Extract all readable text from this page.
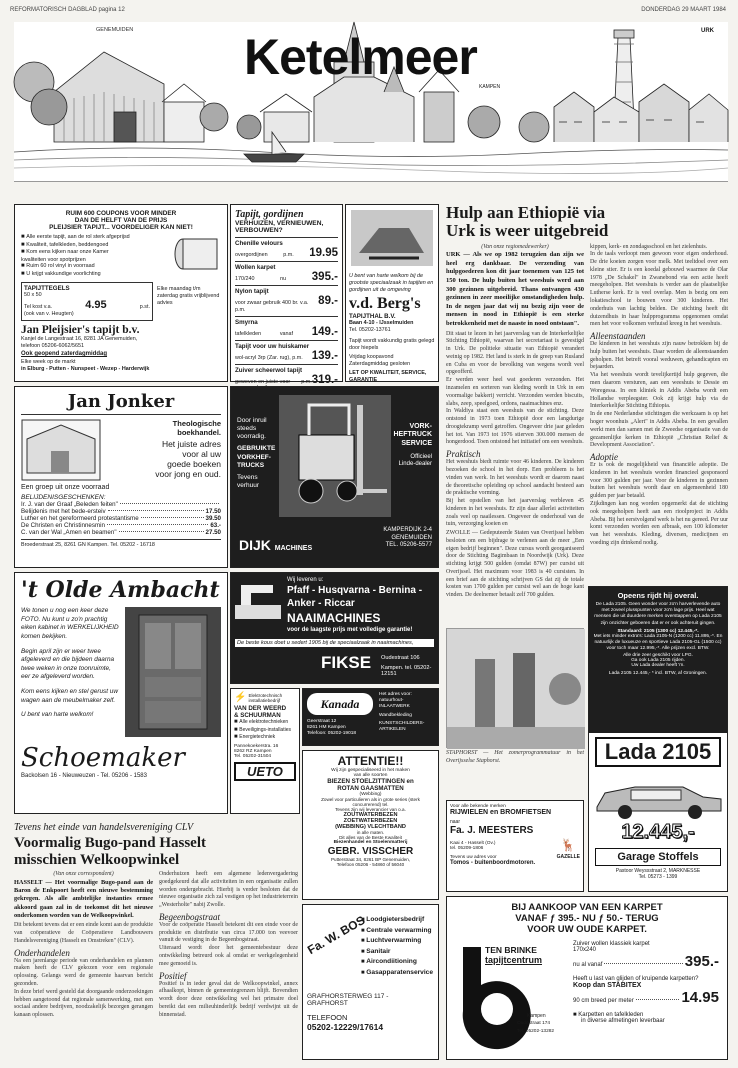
REFORMATORISCH DAGBLAD pagina 12	DONDERDAG 29 MAART 1984
Ketelmeer
GENEMUIDEN	URK
KAMPEN
RUIM 600 COUPONS VOOR MINDER
DAN DE HELFT VAN DE PRIJS
PLEIJSIER TAPIJT... VOORDELIGER KAN NIET!
■ Alle eerste tapijt, aan de rol sterk afgeprijsd
■ Kwaliteit, tafelkleden, beddengoed
■ Kom eens kijken naar onze Kamer
kwaliteiten voor spotprijzen
■ Ruim 60 rol vinyl in voorraad
■ U krijgt vakkundige voorlichting
TAPIJTTEGELS
50 x 50
Tel kost v.a.	4.95	p.st.
(ook van v. Heugten)
Elke maandag t/m zaterdag gratis vrijblijvend advies
Jan Pleijsier's tapijt b.v.
Kanjel de Langestraat 16, 8281 JA Genemuiden,
telefoon 05206-6062/5651
Ook geopend zaterdagmiddag
Elke week op de markt
in Elburg - Putten - Nunspeet - Wezep - Harderwijk
Tapijt, gordijnen
VERHUIZEN, VERNIEUWEN,
VERBOUWEN?
Chenille velours
overgordijnen	p.m. 19.95
Wollen karpet
170/240	nu 395.-
Nylon tapijt
voor zwaar gebruik 400 br. v.a. p.m.
89.-
Smyrna
tafelkleden	vanaf 149.-
Tapijt voor uw huiskamer
wol-acryl 3rp (Zar. rug), p.m. 139.-
Zuiver scheerwol tapijt
geweven en juiste voor	p.m. 319.-
U bent van harte welkom bij de grootste speciaalzaak in tapijten en gordijnen uit de omgeving
v.d. Berg's
TAPIJTHAL B.V.
Baan 4-10 - IJsselmuiden
Tel. 05202-13761
Tapijt wordt vakkundig gratis gelegd door hiepels
Vrijdag koopavond
Zaterdagmiddag gesloten
LET OP KWALITEIT, SERVICE, GARANTIE
Hulp aan Ethiopië via
Urk is weer uitgebreid
(Van onze regiomedewerker)
URK — Als we op 1982 terugzien dan zijn we heel erg dankbaar. De verzending van hulpgoederen kon dit jaar toenemen van 125 tot 150 ton. De hulp buiten het weeshuis werd aan 300 gezinnen uitgebreid. Thans ontvangen 430 gezinnen in zeer moeilijke omstandigheden hulp. In de negen jaar dat wij nu bezig zijn voor de mensen in nood in Ethiopië is een sterke betrokkenheid met de naaste in nood ontstaan".
Dit staat te lezen in het jaarverslag van de Interkerkelijke Stichting Ethiopië, waarvan het secretariaat is gevestigd in Urk. De politieke situatie van Ethiopië verandert weinig op 1982. Het land is sterk in de greep van Rusland en Cuba en voor de bevolking van wegens wordt veel opgeofferd.
Er werden weer heel wat goederen verzonden. Het inzamelen en sorteren van kleding wordt in Urk in een voormalige bakkerij verricht. Verzonden werden biscuits, slabs, zeep, speelgoed, ordons, naaimachines enz.
In Waldiya staat een weeshuis van de stichting. Deze ontstond in 1973 toen Ethiopië door een langdurige droogtekramp werd getroffen. Ongeveer drie jaar geleden het tot. Van 1973 tot 1976 stierven 300.000 mensen de hongerdood. Toen ontstond het initiatief om een weeshuis.
Praktisch
Het weeshuis biedt ruimte voor 46 kinderen. De kinderen bezoeken de school in het dorp. Een probleem is het vinden van werk. In het weeshuis wordt er daarom naast de theoretische opleiding op school aandacht besteed aan de praktische vorming.
Bij het opstellen van het jaarverslag verbleven 45 kinderen in het weeshuis. Er zijn daar allerlei activiteiten zoals veel op naailessen. Ongeveer de onderhoud van de tuin, verzorging koeien en
kippen, kerk- en zondagsschool en het zielenhuis.
In de taals verloopt men gewoon voor eigen onderhoud. De drie koeien zorgen voor melk. Met teeltdoel over een kleine stier. Er is een koedal gebouwd waarmee de Olar 1978 „De Schakel" in Zwanebond via een actie heeft meegeholpen. Het weeshuis is verder aan de plaatselijke Lutherse kerk. Er is veel overlap. Men is bezig om een lokatieschool te bouwen voor 300 kinderen. Het onderhuis van lachtig belden. De stichting heeft dit duizendhuis in haar hulpprogramma opgenomen omdat men het voor volkomen verhuisd kreeg in het weeshuis.
Alleenstaanden
De kinderen in het weeshuis zijn nauw betrokken bij de hulp buiten het weeshuis. Daar worden de alleenstaanden geholpen. Het betreft vooral weduwen, gehandicapten en bejaarden.
Via het weeshuis wordt tevelijkertijd hulp gegeven, die men daarom versturen, aan een weeshuis te Dessie en Woregessa. In een kliniek in Addis Abeba wordt een Hollandse verpleegster. Ook zij krijgt hulp via de Interkerkelijke Stichting Ethiopia.
In de ene Nederlandse stichtingen die werkzaam is op het hoger woonhuis „Alert" in Addis Abeba. In een gevallen werkt men dan samen met de Zweedse organisatie van de gezamenlijke kerken in Ethiopië „Christian Relief & Development Association".
Adoptie
Er is ook de mogelijkheid van financiële adoptie. De kinderen in het weeshuis worden financieel gesponsord voor 300 gulden per jaar. Voor de kinderen in gezinnen buiten het weeshuis wordt daar en algemeenheid 180 gulden per jaar betaald.
Zijkdingen kan nog worden opgemerkt dat de stichting ook meegeholpen heeft aan een rioolproject in Addis Abeba. Bij het eerstvolgend werk is het nu gereed. Per uur komt verzonden worden een afbraak, een 100 kilometer van het weeshuis. Kleding, diversen, medicijnen en voeding zijn drinkend nodig.
Jan Jonker
Theologische
boekhandel.
Het juiste adres
voor al uw
goede boeken
voor jong en oud.
Een groep uit onze voorraad
BELIJDENISGESCHENKEN:
Ir. J. van der Graaf „Beleden feiten"
Belijdenis met het bede-ersteiv	17.50
Luther en het gereformeerd protestantisme	39.50
De Christen en Christinnesmin	63.-
C. van der Wal „Amen en beamen"	27.50
Broederstraat 25, 8261 GN Kampen. Tel. 05202 - 16718
Door inruil
steeds
voorradig.
GEBRUIKTE
VORKHEF-
TRUCKS
Tevens
verhuur
VORK-
HEFTRUCK
SERVICE
Officieel
Linde-dealer
DIJK MACHINES
KAMPERDIJK 2-4
GENEMUIDEN
TEL. 05206-5577
ZWOLLE — Gedeputeerde Staten van Overijssel hebben besloten om een bijdrage te verlenen aan de meer „Een eigen bedrijf beginnen". Deze cursus wordt georganiseerd door de Stichting Bagimbaan in Noordwijk (Urk). Deze stichting krijgt 500 gulden (omdat 87W) per cursist uit Overijssel. Het maximum voor 1983 is 40 cursisten. In een brief aan de stichting schrijven GS dat zij de totale kosten van 1700 gulden per cursist wel aan de hoge kant vinden. De deelnemer betaalt zelf 700 gulden.
STAPHORST — Het zomerprogrammatuur in het Overijsselse Staphorst.
't Olde Ambacht
We tonen u nog een keer deze FOTO. Nu kunt u zo'n prachtig eiken kabinet in WERKELIJKHEID komen bekijken.
Begin april zijn er weer twee afgeleverd en die bijdeen daarna twee weken in onze toonruimte, eer ze afgeleverd worden.
Kom eens kijken en stel gerust uw wagen aan de meubelmaker zelf.
U bent van harte welkom!
Schoemaker
Backolsen 16 - Nieuweuzen - Tel. 05206 - 1583
Wij leveren u:
Pfaff - Husqvarna - Bernina -
Anker - Riccar
NAAIMACHINES
voor de laagste prijs met volledige garantie!
De beste kous doet u sedert 1905 bij de speciaalzaak in naaimachines,
FIKSE Oudestraat 106
Kampen. tel. 05202-12151
⚡ Elektrotechnisch
installatiebedrijf
VAN DER WEERD
& SCHUURMAN
■ Alle elektrotechnieken
■ Beveiligings-installaties
■ Energietechniek
Pannekoekerstra. 16
8262 RZ Kampen
Tel. 05202-31504
UETO
Kanada
Geerstraat 12
8261 HM Kampen
Telefoon: 05202-19018
Het adres voor:
natuurhout-
INLAATWERK
Wandbekleding
KUNSTSCHILDERS-
ARTIKELEN
ATTENTIE!!
Wij zijn gespecialiseerd in het maken
van alle soorten
BIEZEN STOELZITTINGEN en
ROTAN GAASMATTEN
(Webbing)
Zowel voor particulieren als in grote series (sterk
concurrerend) tel.
Tevens zijn wij leverancier van o.a.
ZOUTWATERBEZEN
ZOETWATERBEZEN
(WEBBING) VLECHTBAND
in alle maten.
Dit alles van de Beste Kwaliteit
Biezenhandel en Stoelenmatterij
GEBR. VISSCHER
Putterstraat 34, 8261 BP Genemuiden,
Telefoon 05206 - 54860 of 56040
Voor alle bekende merken
RIJWIELEN en BROMFIETSEN
naar
Fa. J. MEESTERS
Kaai 4 - Hasselt (Ov.)
tel. 05209-1806
Tevens uw adres voor
🦌
GAZELLE
Tomos - buitenboordmotoren.
Opeens rijdt hij overal.
De Lada 2105. Geen wonder voor zo'n harverlevende auto met zoveel plusspunten voor zo'n lage prijs. Heel wat mensen die uit duurdere merken overstappen op Lada 2105 zijn onzichter geboeren dat er er ook achteruit gingen.
Standaard: 2105 (1300 cc) 12.445,-*.
Met iets minder extra's: Lada 2105-N (1200 cc) 11.895,-*. En natuurlijk de luxueuze en sportieve Lada 2105-GL (1500 cc) voor toch maar 12.995,-*. Alle prijzen excl. BTW.
Alle drie zeer geschikt voor LPG.
Ga ook Lada 2105 rijden.
Uw Lada dealer heeft 'm.
Lada 2105 12.445,- * incl. BTW, af Groningen.
Lada 2105
12.445,-
Garage Stoffels
Pastoor Weyssstraat 2, MARKNESSE
Tel. 05273 - 1399
Tevens het einde van handelsvereniging CLV
Voormalig Bugo-pand Hasselt
misschien Welkoopwinkel
(Van onze correspondent)
HASSELT — Het voormalige Bugo-pand aan de Baron de Enkpoort heeft een nieuwe bestemming gekregen. Als alle ambtelijke instanties ermee akkoord gaan zal in de toekomst dit het nieuwe onderkomen worden van de Welkoopwinkel.
Dit betekent tevens dat er een einde komt aan de produktie van coöperatieve de Coöperatieve Landbouwers Handelsvereniging (Hasselt en Omstreken" (CLV).
Onderhandelen
Na een jarenlange periode van onderhandelen en plannen maken heeft de CLV gekozen voor een regionale oplossing. Gelangs werd de gemeente haarvan bericht gezonden.
In deze brief werd gesteld dat doorgaande onderzoekingen hebben aangetoond dat regionale samenwerking, met een sociaal andere bedrijven, noodzakelijk bezorgen gerangen kanaan oplossen.
Onderhuizen heeft een algemene ledenvergadering goedgekeurd dat alle activiteiten in een organisatie zullen worden ondergebracht. Hierbij is verder besloten dat de nieuwe organisatie zich zal vestigen op het industrieterrein „Westerholte" nabij Zwolle.
Begeenbogstraat
Voor de coöperatie Hasselt betekent dit een einde voor de produktie en distributie van circa 17.000 ton veevoer vanuit de vestiging in de Begeenbogstraat.
Uiteraard wordt door het gemeentebestuur deze ontwikkeling betreurd ook al omdat er werkgelegenheid mee gemoeid is.
Positief
Positief is in ieder geval dat de Welkoopwinkel, annex afhaalkopt, binnen de gemeentegrenzen blijft. Bovendien wordt door deze ontwikkeling wel het primaire doel bereikt dat een milieuhinderlijk bedrijf verdwijnt uit de binnenstad.
Fa. W. BOS
■ Loodgietersbedrijf
■ Centrale verwarming
■ Luchtverwarming
■ Sanitair
■ Aircondiitioning
■ Gasapparatenservice
GRAFHORSTERWEG 117 -
GRAFHORST
TELEFOON
05202-12229/17614
BIJ AANKOOP VAN EEN KARPET
VANAF ƒ 395.- NU ƒ 50.- TERUG
VOOR UW OUDE KARPET.
TEN BRINKE
tapijtcentrum
Kampen
Oudestraat 174
Tel. 05202-13282
Zuiver wollen klassiek karpet
170x240
nu al vanaf	395.-
Heeft u last van glijden of kruipende karpetten?
Koop dan STABITEX
90 cm breed per meter	14.95
■ Karpetten en tafelkleden
in diverse afmetingen leverbaar
